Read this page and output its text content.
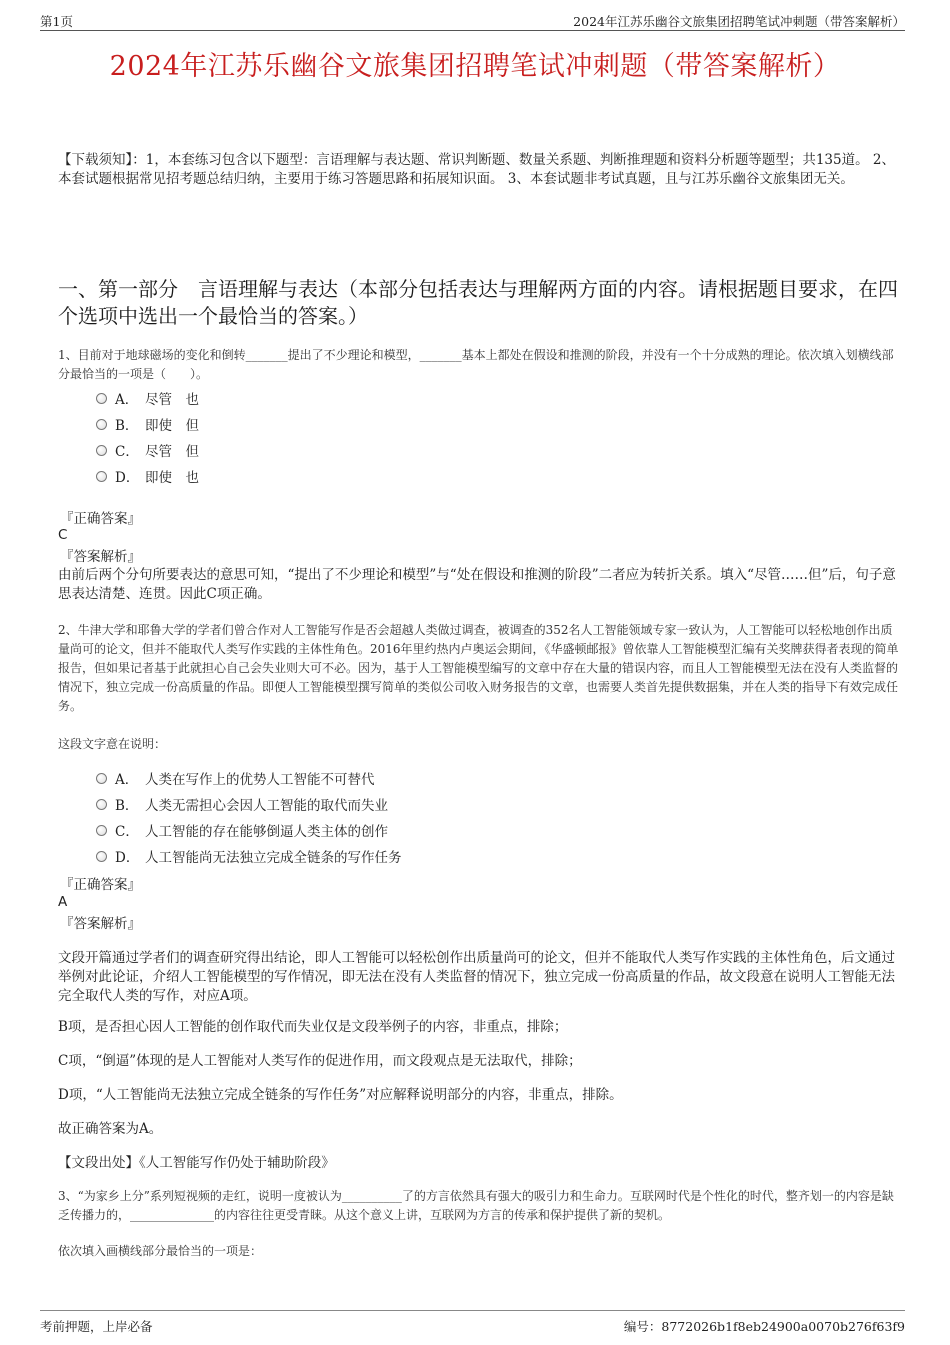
第1页	2024年江苏乐幽谷文旅集团招聘笔试冲刺题（带答案解析）
2024年江苏乐幽谷文旅集团招聘笔试冲刺题（带答案解析）
【下载须知】：1，本套练习包含以下题型：言语理解与表达题、常识判断题、数量关系题、判断推理题和资料分析题等题型；共135道。 2、本套试题根据常见招考题总结归纳，主要用于练习答题思路和拓展知识面。 3、本套试题非考试真题，且与江苏乐幽谷文旅集团无关。
一、第一部分　言语理解与表达（本部分包括表达与理解两方面的内容。请根据题目要求，在四个选项中选出一个最恰当的答案。）
1、目前对于地球磁场的变化和倒转_______提出了不少理论和模型，_______基本上都处在假设和推测的阶段，并没有一个十分成熟的理论。依次填入划横线部分最恰当的一项是（　　）。
A． 尽管　也
B． 即使　但
C． 尽管　但
D． 即使　也
『正确答案』
C
『答案解析』
由前后两个分句所要表达的意思可知，“提出了不少理论和模型”与“处在假设和推测的阶段”二者应为转折关系。填入“尽管……但”后，句子意思表达清楚、连贯。因此C项正确。
2、牛津大学和耶鲁大学的学者们曾合作对人工智能写作是否会超越人类做过调查，被调查的352名人工智能领域专家一致认为，人工智能可以轻松地创作出质量尚可的论文，但并不能取代人类写作实践的主体性角色。2016年里约热内卢奥运会期间，《华盛顿邮报》曾依靠人工智能模型汇编有关奖牌获得者表现的简单报告，但如果记者基于此就担心自己会失业则大可不必。因为，基于人工智能模型编写的文章中存在大量的错误内容，而且人工智能模型无法在没有人类监督的情况下，独立完成一份高质量的作品。即便人工智能模型撰写简单的类似公司收入财务报告的文章，也需要人类首先提供数据集，并在人类的指导下有效完成任务。
这段文字意在说明：
A． 人类在写作上的优势人工智能不可替代
B． 人类无需担心会因人工智能的取代而失业
C． 人工智能的存在能够倒逼人类主体的创作
D． 人工智能尚无法独立完成全链条的写作任务
『正确答案』
A
『答案解析』
文段开篇通过学者们的调查研究得出结论，即人工智能可以轻松创作出质量尚可的论文，但并不能取代人类写作实践的主体性角色，后文通过举例对此论证，介绍人工智能模型的写作情况，即无法在没有人类监督的情况下，独立完成一份高质量的作品，故文段意在说明人工智能无法完全取代人类的写作，对应A项。
B项，是否担心因人工智能的创作取代而失业仅是文段举例子的内容，非重点，排除；
C项，“倒逼”体现的是人工智能对人类写作的促进作用，而文段观点是无法取代，排除；
D项，“人工智能尚无法独立完成全链条的写作任务”对应解释说明部分的内容，非重点，排除。
故正确答案为A。
【文段出处】《人工智能写作仍处于辅助阶段》
3、“为家乡上分”系列短视频的走红，说明一度被认为__________了的方言依然具有强大的吸引力和生命力。互联网时代是个性化的时代，整齐划一的内容是缺乏传播力的，______________的内容往往更受青睐。从这个意义上讲，互联网为方言的传承和保护提供了新的契机。
依次填入画横线部分最恰当的一项是：
考前押题，上岸必备	编号：8772026b1f8eb24900a0070b276f63f9
